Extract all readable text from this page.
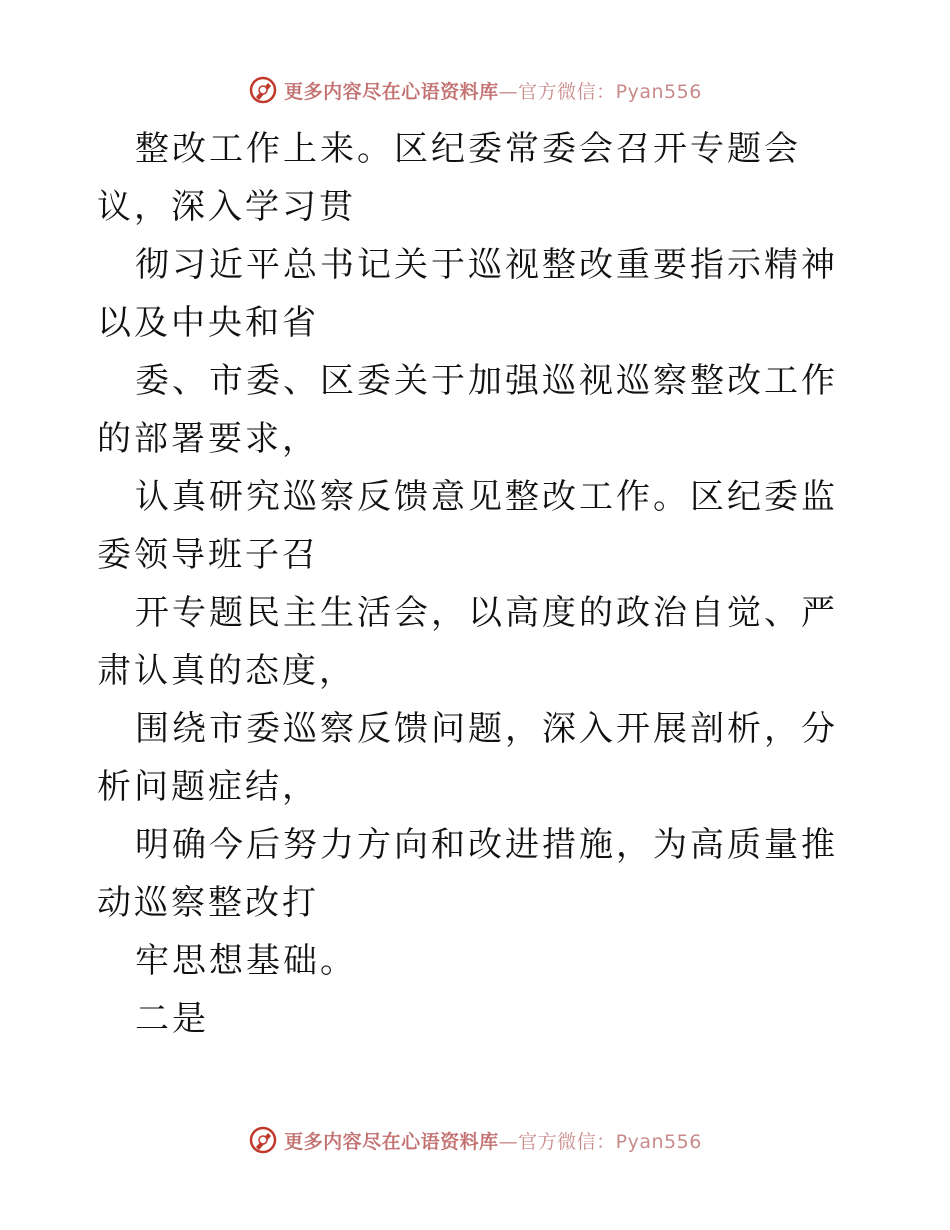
更多内容尽在心语资料库—官方微信：Pyan556

整改工作上来。区纪委常委会召开专题会议，深入学习贯

彻习近平总书记关于巡视整改重要指示精神以及中央和省

委、市委、区委关于加强巡视巡察整改工作的部署要求，

认真研究巡察反馈意见整改工作。区纪委监委领导班子召

开专题民主生活会，以高度的政治自觉、严肃认真的态度，

围绕市委巡察反馈问题，深入开展剖析，分析问题症结，

明确今后努力方向和改进措施，为高质量推动巡察整改打

牢思想基础。

二是

更多内容尽在心语资料库—官方微信：Pyan556
